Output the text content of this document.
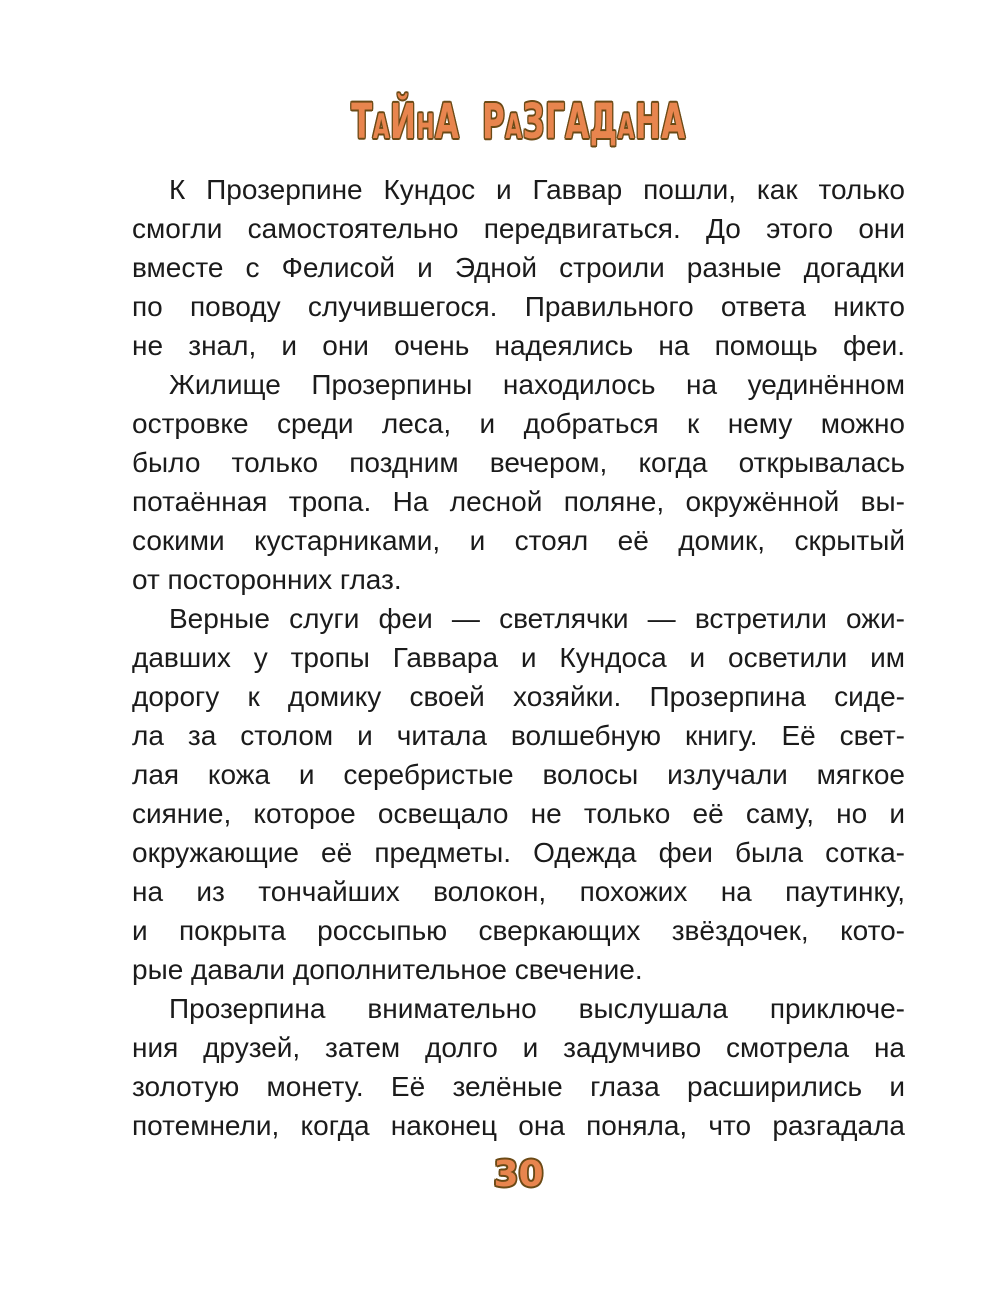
ТАЙНА РАЗГАДАНА
К Прозерпине Кундос и Гаввар пошли, как только
смогли самостоятельно передвигаться. До этого они
вместе с Фелисой и Эдной строили разные догадки
по поводу случившегося. Правильного ответа никто
не знал, и они очень надеялись на помощь феи.
Жилище Прозерпины находилось на уединённом
островке среди леса, и добраться к нему можно
было только поздним вечером, когда открывалась
потаённая тропа. На лесной поляне, окружённой вы-
сокими кустарниками, и стоял её домик, скрытый
от посторонних глаз.
Верные слуги феи — светлячки — встретили ожи-
давших у тропы Гаввара и Кундоса и осветили им
дорогу к домику своей хозяйки. Прозерпина сиде-
ла за столом и читала волшебную книгу. Её свет-
лая кожа и серебристые волосы излучали мягкое
сияние, которое освещало не только её саму, но и
окружающие её предметы. Одежда феи была сотка-
на из тончайших волокон, похожих на паутинку,
и покрыта россыпью сверкающих звёздочек, кото-
рые давали дополнительное свечение.
Прозерпина внимательно выслушала приключе-
ния друзей, затем долго и задумчиво смотрела на
золотую монету. Её зелёные глаза расширились и
потемнели, когда наконец она поняла, что разгадала
30
